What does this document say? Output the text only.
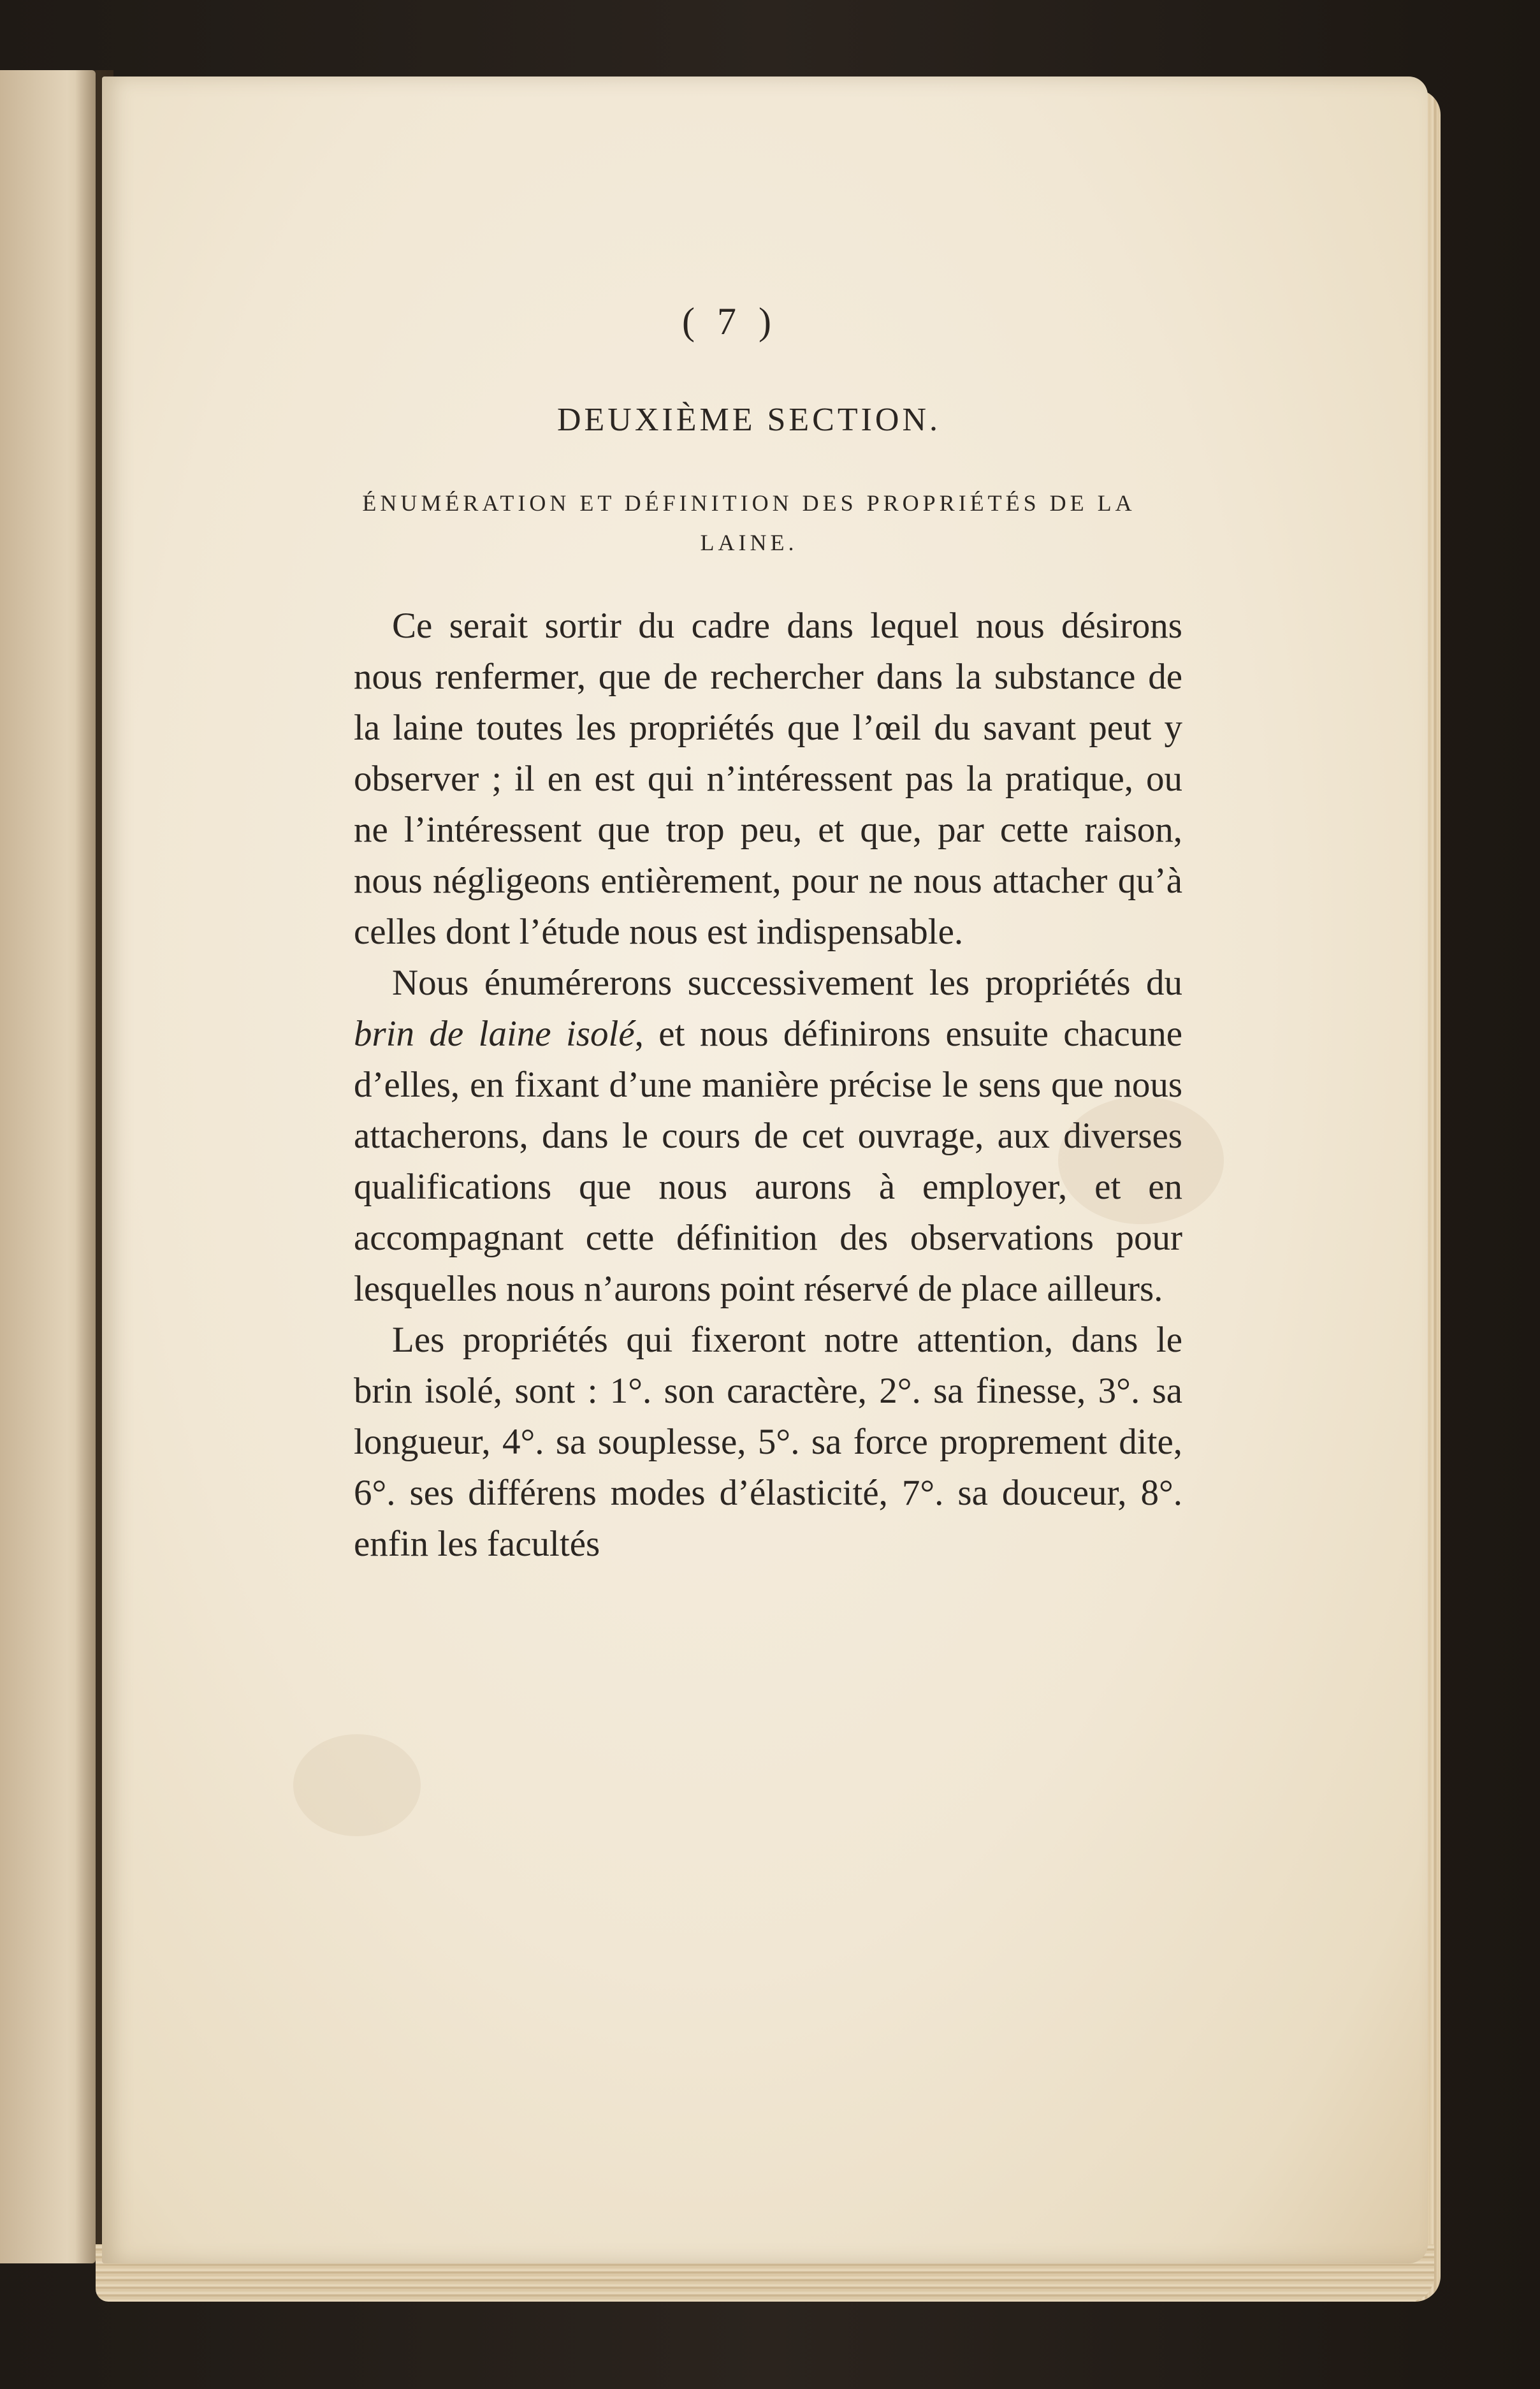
( 7 )
DEUXIÈME SECTION.
ÉNUMÉRATION ET DÉFINITION DES PROPRIÉTÉS DE LA LAINE.

Ce serait sortir du cadre dans lequel nous désirons nous renfermer, que de rechercher dans la substance de la laine toutes les propriétés que l’œil du savant peut y observer ; il en est qui n’intéressent pas la pratique, ou ne l’intéressent que trop peu, et que, par cette raison, nous négligeons entièrement, pour ne nous attacher qu’à celles dont l’étude nous est indispensable.

Nous énumérerons successivement les propriétés du brin de laine isolé, et nous définirons ensuite chacune d’elles, en fixant d’une manière précise le sens que nous attacherons, dans le cours de cet ouvrage, aux diverses qualifications que nous aurons à employer, et en accompagnant cette définition des observations pour lesquelles nous n’aurons point réservé de place ailleurs.

Les propriétés qui fixeront notre attention, dans le brin isolé, sont : 1°. son caractère, 2°. sa finesse, 3°. sa longueur, 4°. sa souplesse, 5°. sa force proprement dite, 6°. ses différens modes d’élasticité, 7°. sa douceur, 8°. enfin les facultés
